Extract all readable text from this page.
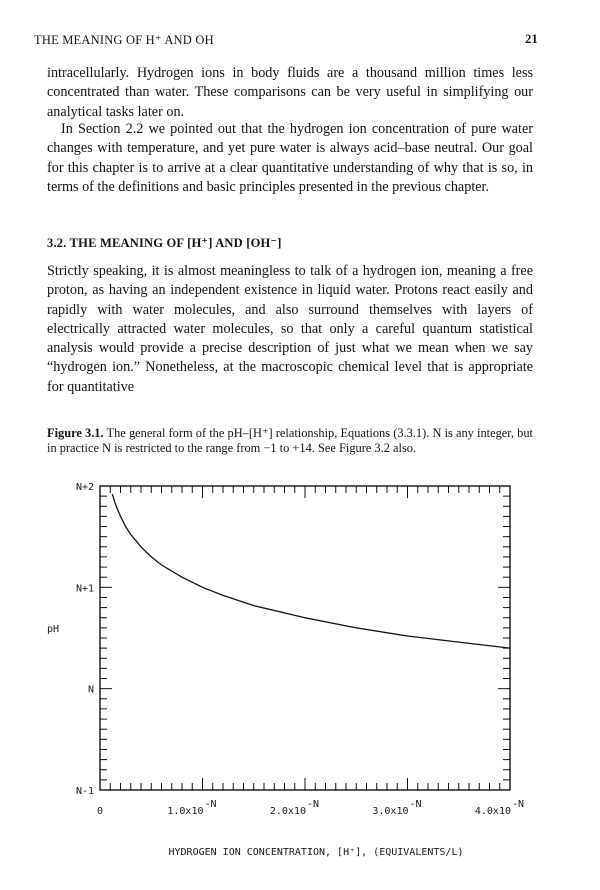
THE MEANING OF H⁺ AND OH	21

intracellularly. Hydrogen ions in body fluids are a thousand million times less concentrated than water. These comparisons can be very useful in simplifying our analytical tasks later on.

In Section 2.2 we pointed out that the hydrogen ion concentration of pure water changes with temperature, and yet pure water is always acid–base neutral. Our goal for this chapter is to arrive at a clear quantitative understanding of why that is so, in terms of the definitions and basic principles presented in the previous chapter.

3.2. THE MEANING OF [H⁺] AND [OH⁻]

Strictly speaking, it is almost meaningless to talk of a hydrogen ion, meaning a free proton, as having an independent existence in liquid water. Protons react easily and rapidly with water molecules, and also surround themselves with layers of electrically attracted water molecules, so that only a careful quantum statistical analysis would provide a precise description of just what we mean when we say “hydrogen ion.” Nonetheless, at the macroscopic chemical level that is appropriate for quantitative

Figure 3.1. The general form of the pH–[H⁺] relationship, Equations (3.3.1). N is any integer, but in practice N is restricted to the range from −1 to +14. See Figure 3.2 also.

N+2
N+1
N
N-1
0	1.0x10	2.0x10	3.0x10	4.0x10
-N	-N	-N	-N
pH
HYDROGEN ION CONCENTRATION, [H⁺], (EQUIVALENTS/L)
